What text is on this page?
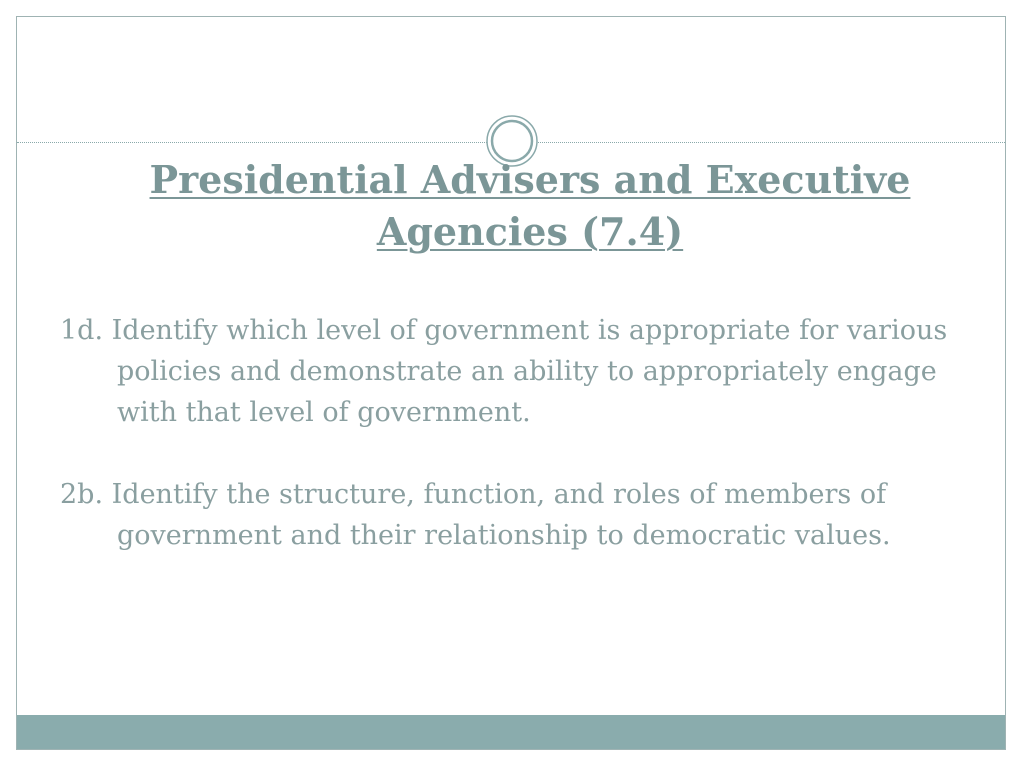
Presidential Advisers and Executive
Agencies (7.4)

1d. Identify which level of government is appropriate for various policies and demonstrate an ability to appropriately engage with that level of government.

2b. Identify the structure, function, and roles of members of government and their relationship to democratic values.
